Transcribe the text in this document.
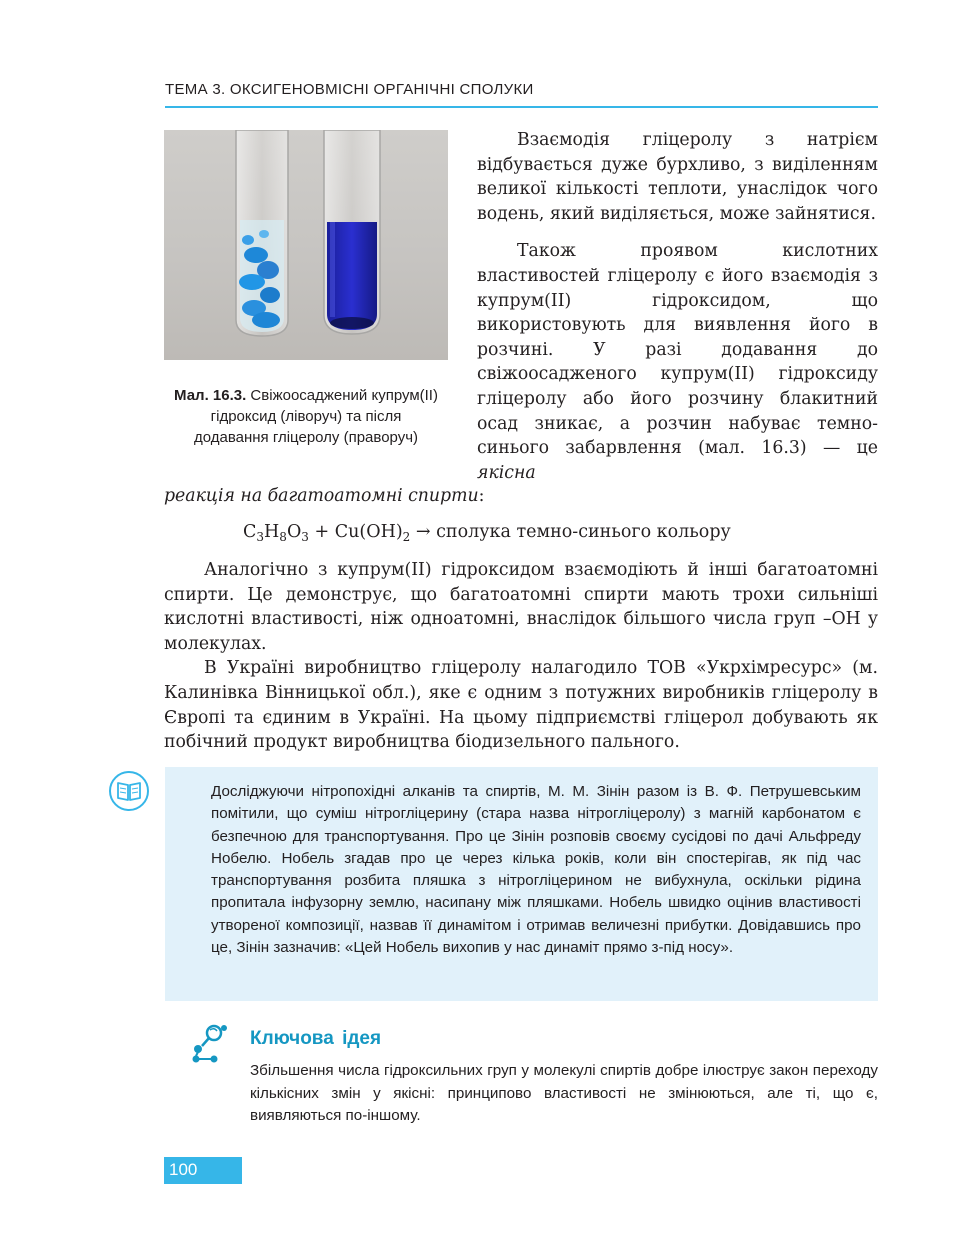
ТЕМА 3. ОКСИГЕНОВМІСНІ ОРГАНІЧНІ СПОЛУКИ
Мал. 16.3. Свіжоосаджений купрум(ІІ) гідроксид (ліворуч) та після додавання гліцеролу (праворуч)

Взаємодія гліцеролу з натрієм відбувається дуже бурхливо, з виділенням великої кількості теплоти, унаслідок чого водень, який виділяється, може зайнятися.

Також проявом кислотних властивостей гліцеролу є його взаємодія з купрум(ІІ) гідроксидом, що використовують для виявлення його в розчині. У разі додавання до свіжоосадженого купрум(ІІ) гідроксиду гліцеролу або його розчину блакитний осад зникає, а розчин набуває темно-синього забарвлення (мал. 16.3) — це якісна

реакція на багатоатомні спирти:

$C_3H_8O_3 + Cu(OH)_2$ → сполука темно-синього кольору

Аналогічно з купрум(ІІ) гідроксидом взаємодіють й інші багатоатомні спирти. Це демонструє, що багатоатомні спирти мають трохи сильніші кислотні властивості, ніж одноатомні, внаслідок більшого числа груп –ОН у молекулах.

В Україні виробництво гліцеролу налагодило ТОВ «Укрхімресурс» (м. Калинівка Вінницької обл.), яке є одним з потужних виробників гліцеролу в Європі та єдиним в Україні. На цьому підприємстві гліцерол добувають як побічний продукт виробництва біодизельного пального.

Досліджуючи нітропохідні алканів та спиртів, М. М. Зінін разом із В. Ф. Петрушевським помітили, що суміш нітрогліцерину (стара назва нітрогліцеролу) з магній карбонатом є безпечною для транспортування. Про це Зінін розповів своєму сусідові по дачі Альфреду Нобелю. Нобель згадав про це через кілька років, коли він спостерігав, як під час транспортування розбита пляшка з нітрогліцерином не вибухнула, оскільки рідина пропитала інфузорну землю, насипану між пляшками. Нобель швидко оцінив властивості утвореної композиції, назвав її динамітом і отримав величезні прибутки. Довідавшись про це, Зінін зазначив: «Цей Нобель вихопив у нас динаміт прямо з-під носу».
Ключова ідея
Збільшення числа гідроксильних груп у молекулі спиртів добре ілюструє закон переходу кількісних змін у якісні: принципово властивості не змінюються, але ті, що є, виявляються по-іншому.
100
